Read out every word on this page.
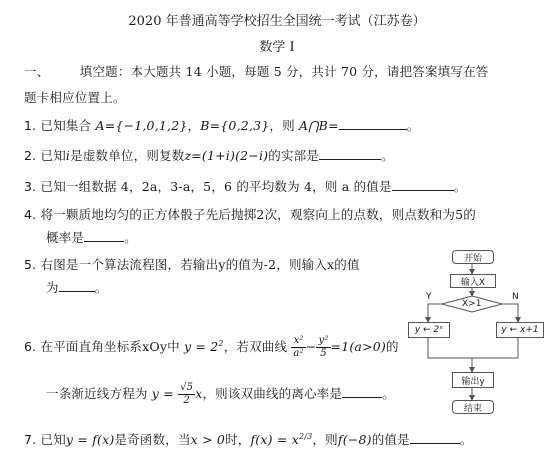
2020 年普通高等学校招生全国统一考试（江苏卷）
数学 I
一、 填空题：本大题共 14 小题，每题 5 分，共计 70 分，请把答案填写在答
题卡相应位置上。
1. 已知集合 A={−1,0,1,2}，B={0,2,3}，则 A⋂B=	。
2. 已知i是虚数单位，则复数z=(1+i)(2−i)的实部是	。
3. 已知一组数据 4，2a，3-a，5，6 的平均数为 4，则 a 的值是	。
4. 将一颗质地均匀的正方体骰子先后抛掷2次，观察向上的点数，则点数和为5的
概率是	。
5. 右图是一个算法流程图，若输出y的值为-2，则输入x的值
为	。
6. 在平面直角坐标系xOy中 $y = 2^2$，若双曲线 $\frac{\text{x²}}{\text{a²}} - \frac{\text{y²}}{5} =1(a>0)$的
一条渐近线方程为 $y = \frac{√5}{2}$ x，则该双曲线的离心率是	。
7. 已知y = f(x)是奇函数，当x > 0时，$f(x) = x^{2/3}$，则f(−8)的值是	。
开始
输入X
X>1
Y	N
y ← 2ˣ	y ← x+1
输出y
结束
